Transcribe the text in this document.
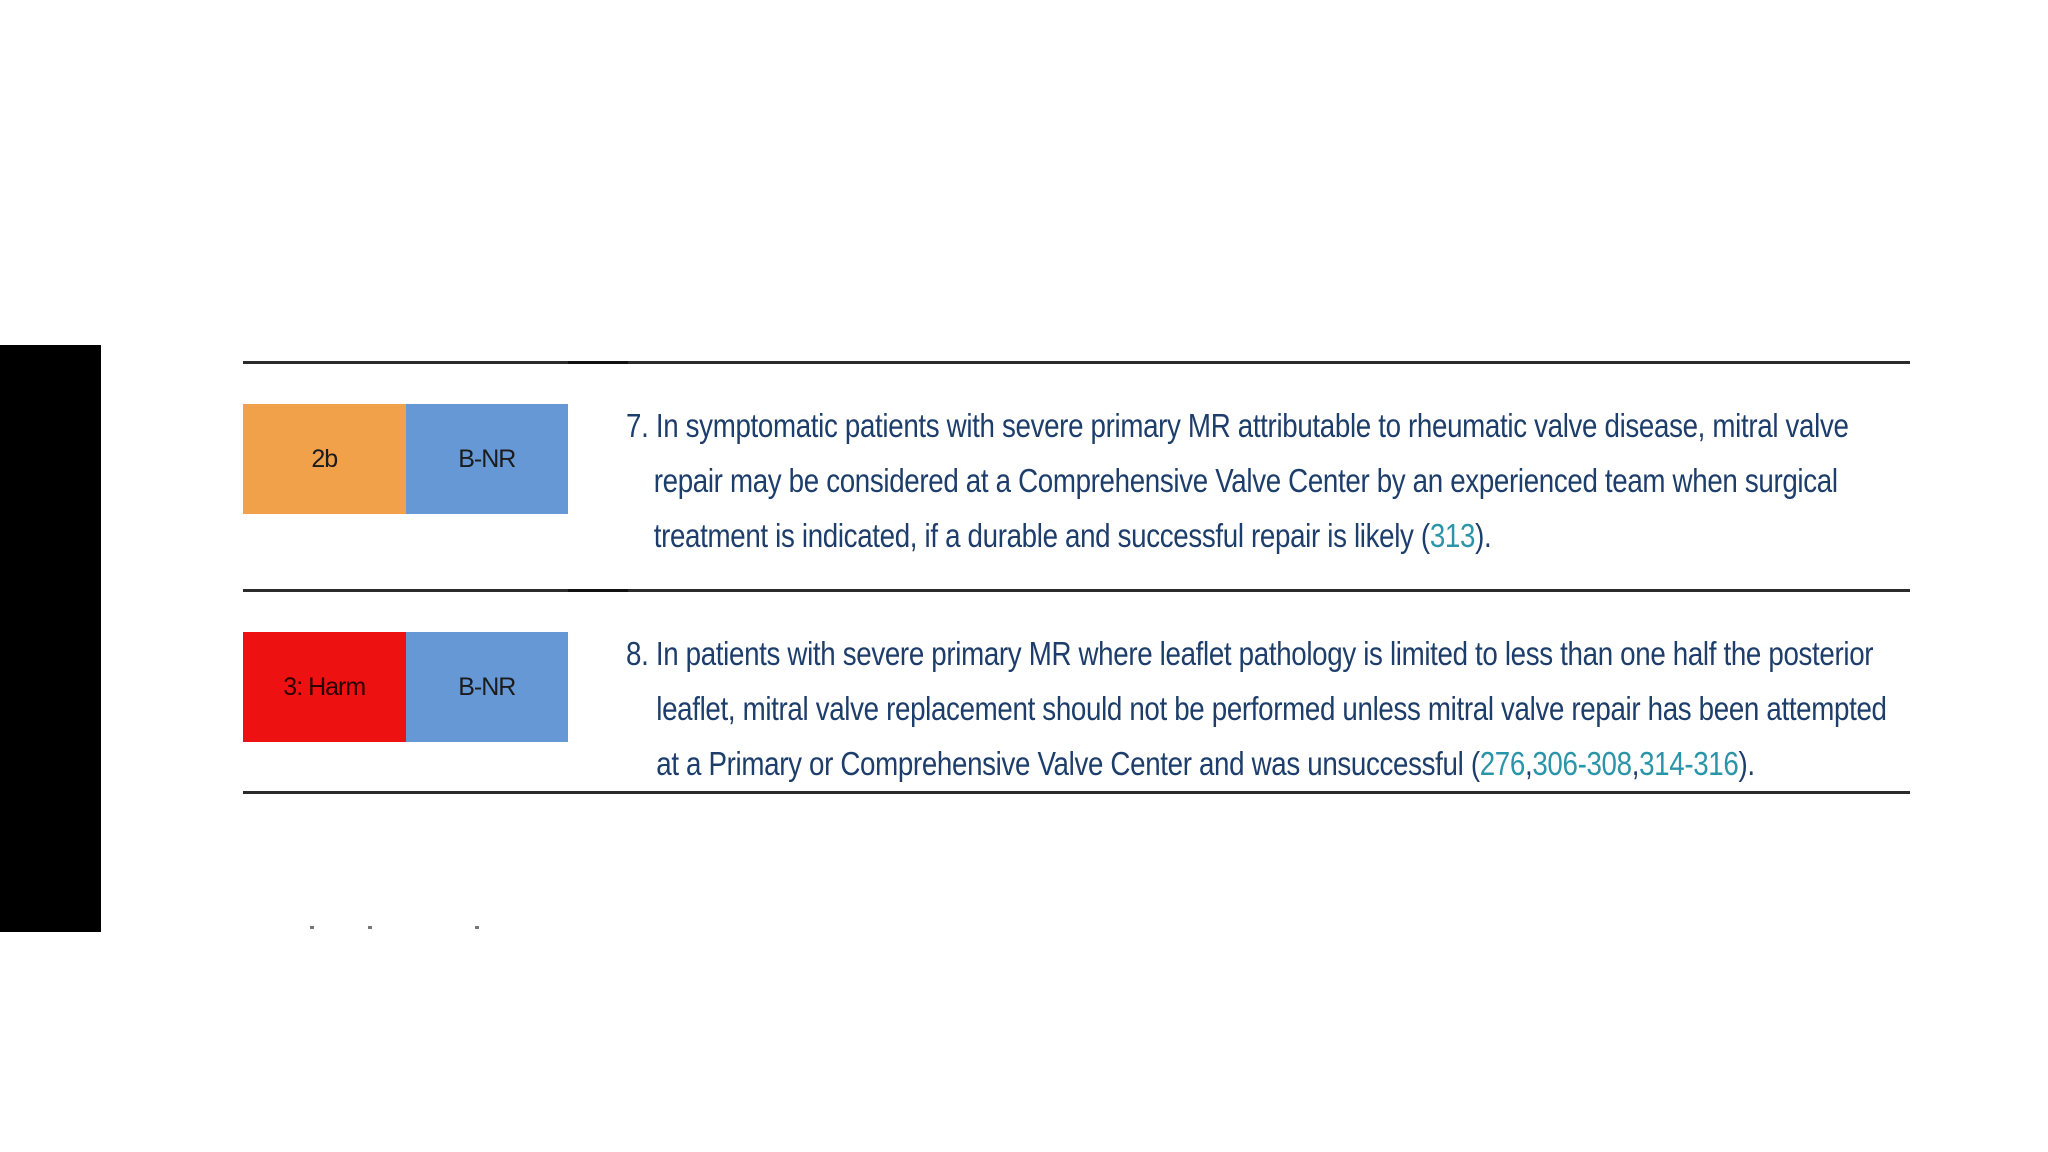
2b	B-NR
7. In symptomatic patients with severe primary MR attributable to rheumatic valve disease, mitral valve
repair may be considered at a Comprehensive Valve Center by an experienced team when surgical
treatment is indicated, if a durable and successful repair is likely (313).
3: Harm	B-NR
8. In patients with severe primary MR where leaflet pathology is limited to less than one half the posterior
leaflet, mitral valve replacement should not be performed unless mitral valve repair has been attempted
at a Primary or Comprehensive Valve Center and was unsuccessful (276,306-308,314-316).
